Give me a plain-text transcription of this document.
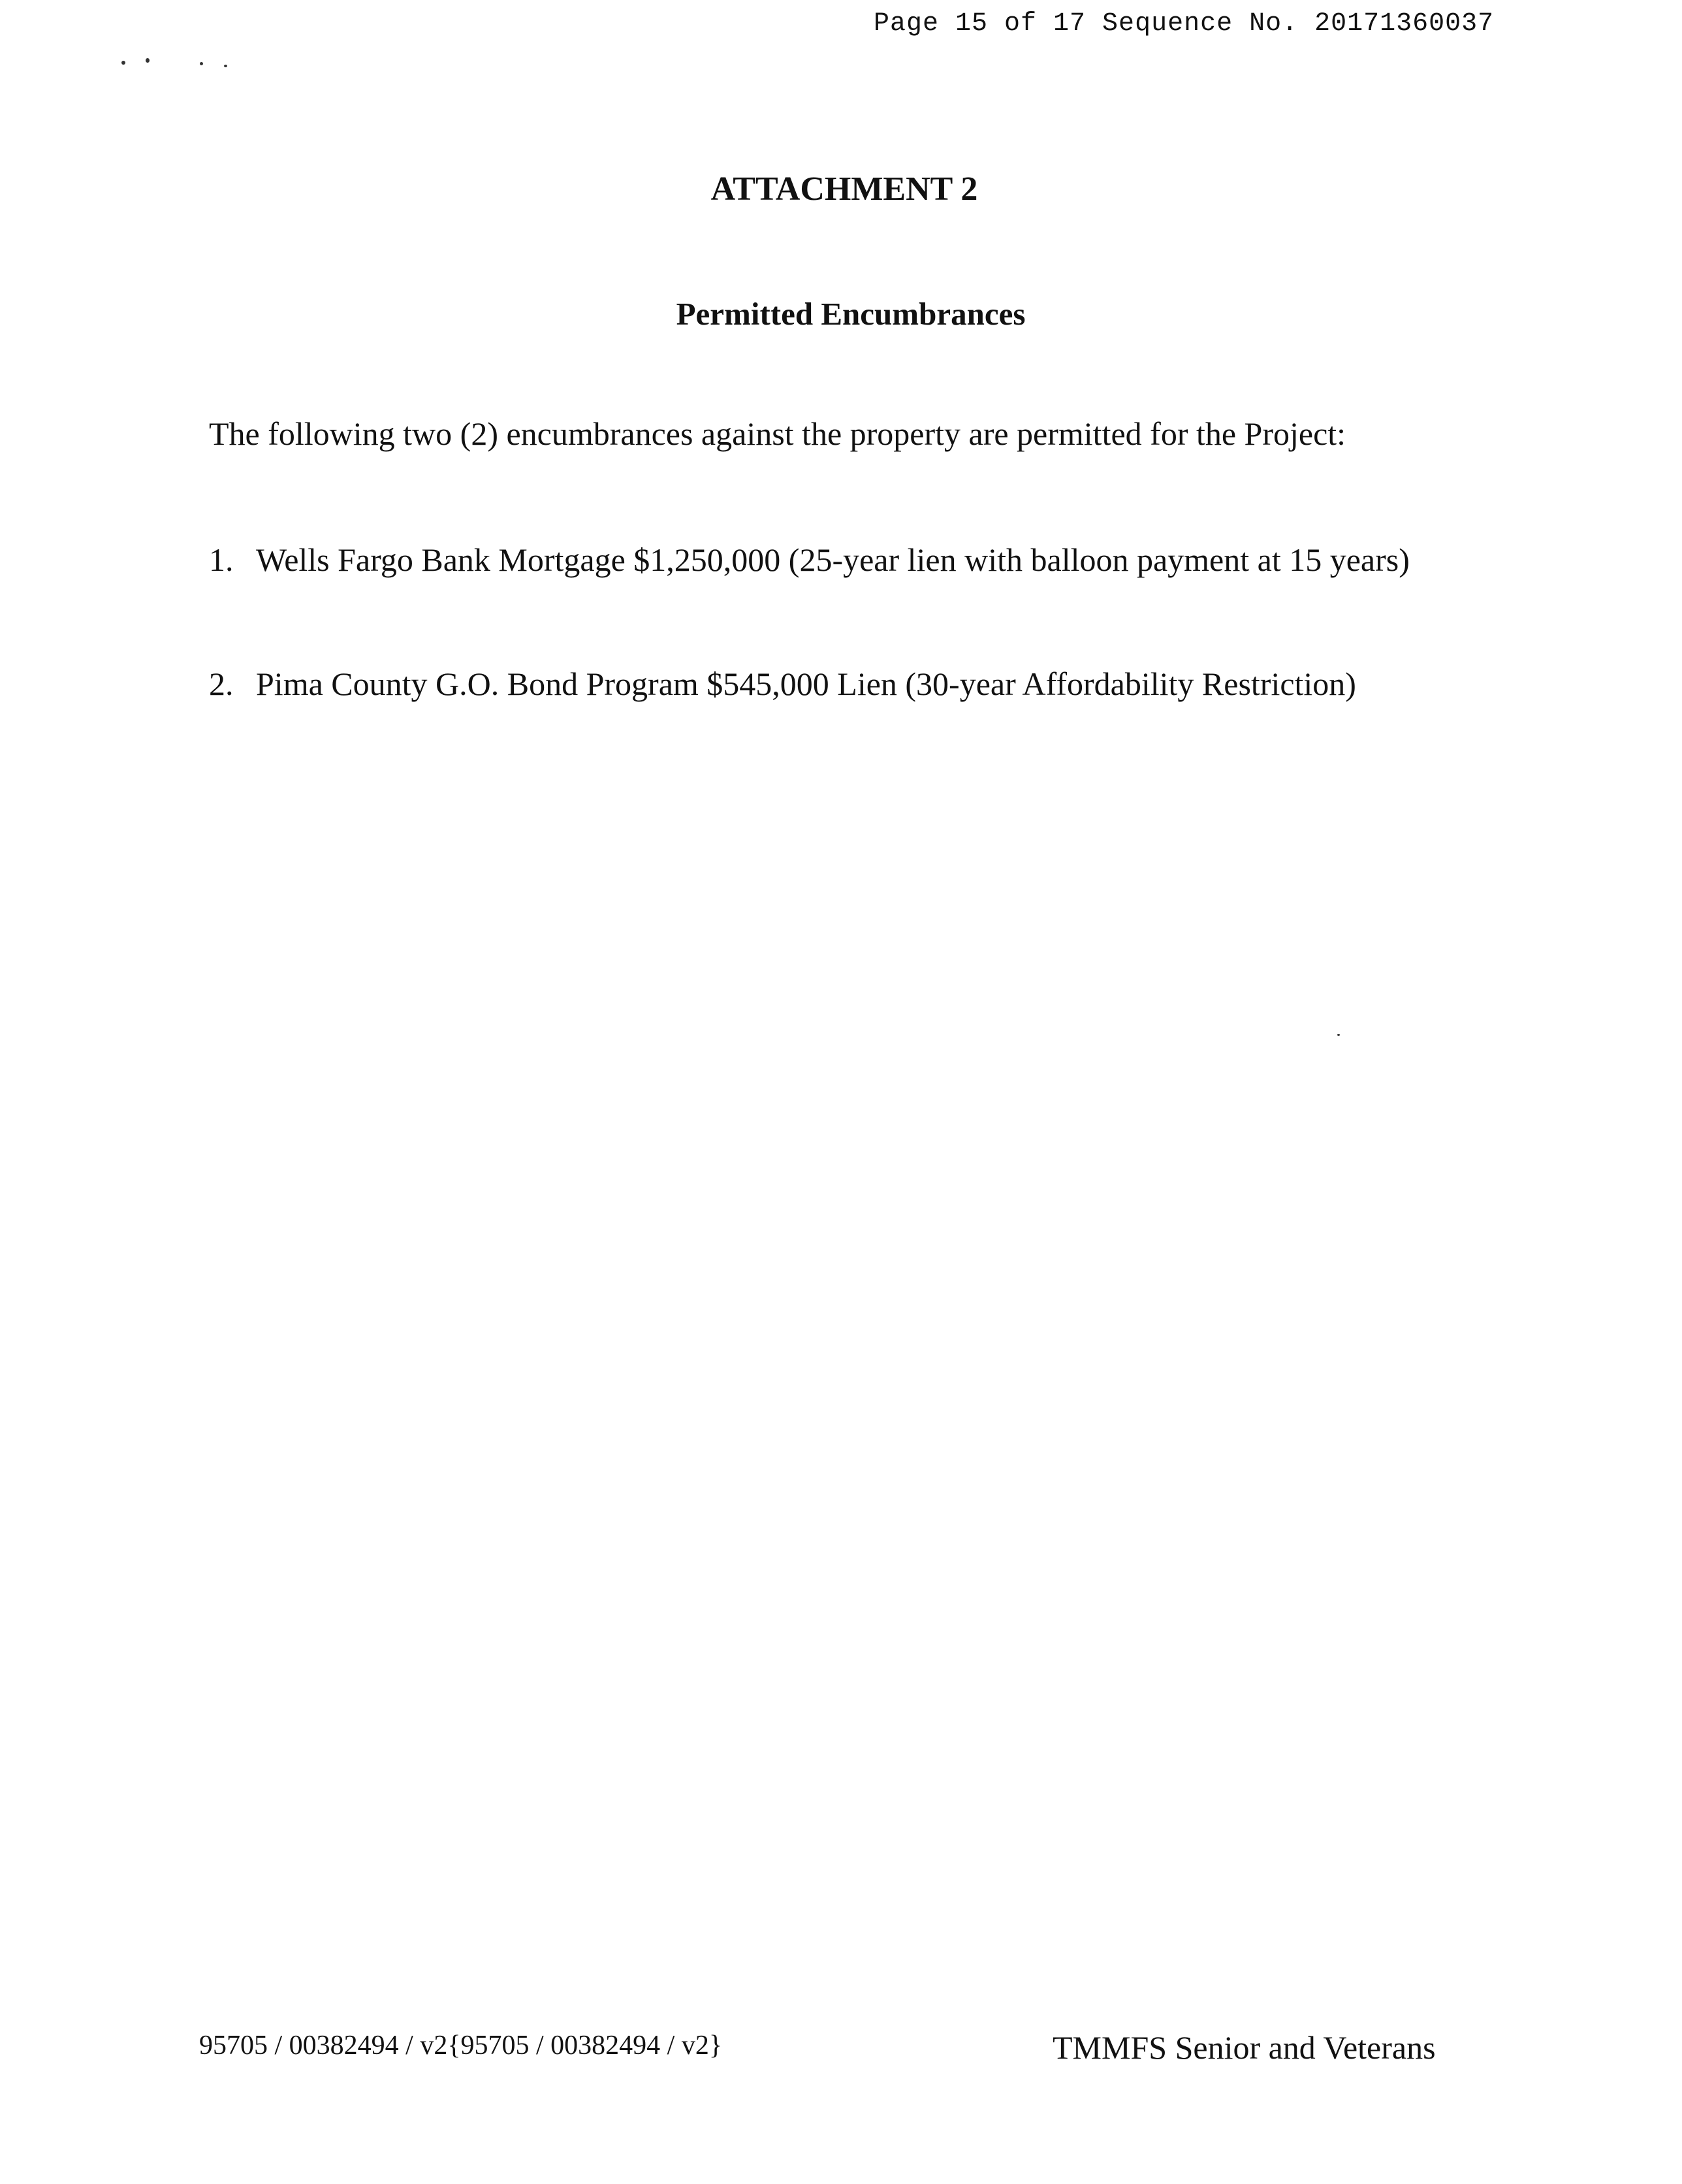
Page 15 of 17 Sequence No. 20171360037
ATTACHMENT 2
Permitted Encumbrances
The following two (2) encumbrances against the property are permitted for the Project:
1. Wells Fargo Bank Mortgage $1,250,000 (25-year lien with balloon payment at 15 years)
2. Pima County G.O. Bond Program $545,000 Lien (30-year Affordability Restriction)
95705 / 00382494 / v2{95705 / 00382494 / v2}	TMMFS Senior and Veterans
